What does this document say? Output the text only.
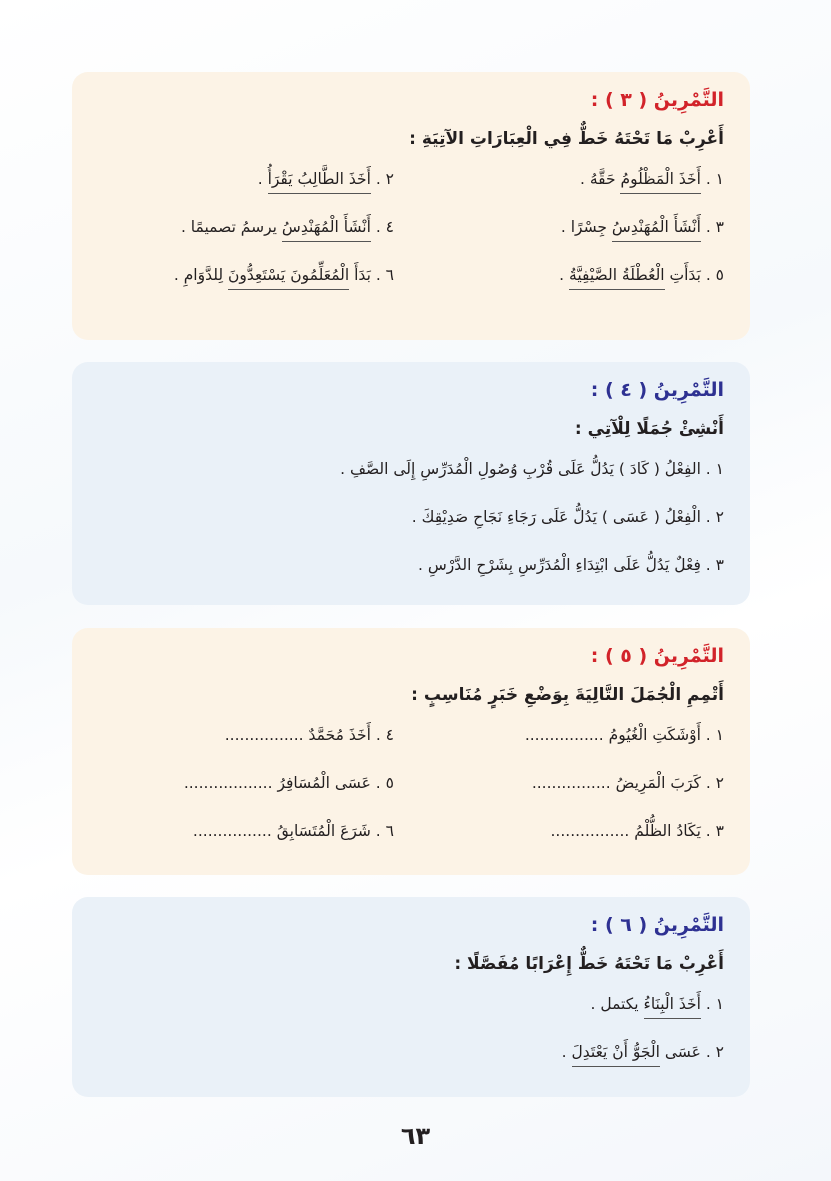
التَّمْرِينُ ( ٣ ) :
أَعْرِبْ مَا تَحْتَهُ خَطٌّ فِي الْعِبَارَاتِ الآتِيَةِ :
١ . أَخَذَ الْمَظْلُومُ حَقَّهُ .
٢ . أَخَذَ الطَّالِبُ يَقْرَأُ .
٣ . أَنْشَأَ الْمُهَنْدِسُ جِسْرًا .
٤ . أَنْشَأَ الْمُهَنْدِسُ يرسمُ تصميمًا .
٥ . بَدَأَتِ الْعُطْلَةُ الصَّيْفِيَّةُ .
٦ . بَدَأَ الْمُعَلِّمُونَ يَسْتَعِدُّونَ لِلدَّوَامِ .
التَّمْرِينُ ( ٤ ) :
أَنْشِئْ جُمَلًا لِلْآتِي :
١ . الفِعْلُ ( كَادَ ) يَدُلُّ عَلَى قُرْبِ وُصُولِ الْمُدَرِّسِ إِلَى الصَّفِ .
٢ . الْفِعْلُ ( عَسَى ) يَدُلُّ عَلَى رَجَاءِ نَجَاحِ صَدِيْقِكَ .
٣ . فِعْلٌ يَدُلُّ عَلَى ابْتِدَاءِ الْمُدَرِّسِ بِشَرْحِ الدَّرْسِ .
التَّمْرِينُ ( ٥ ) :
أَتْمِمِ الْجُمَلَ التَّالِيَةَ بِوَضْعِ خَبَرٍ مُنَاسِبٍ :
١ . أَوْشَكَتِ الْغُيُومُ ................
٤ . أَخَذَ مُحَمَّدٌ ................
٢ . كَرَبَ الْمَرِيضُ ................
٥ . عَسَى الْمُسَافِرُ ..................
٣ . يَكَادُ الظُّلْمُ ................
٦ . شَرَعَ الْمُتَسَابِقُ ................
التَّمْرِينُ ( ٦ ) :
أَعْرِبْ مَا تَحْتَهُ خَطٌّ إِعْرَابًا مُفَصَّلًا :
١ . أَخَذَ الْبِنَاءُ يكتمل .
٢ . عَسَى الْجَوُّ أَنْ يَعْتَدِلَ .
٦٣
